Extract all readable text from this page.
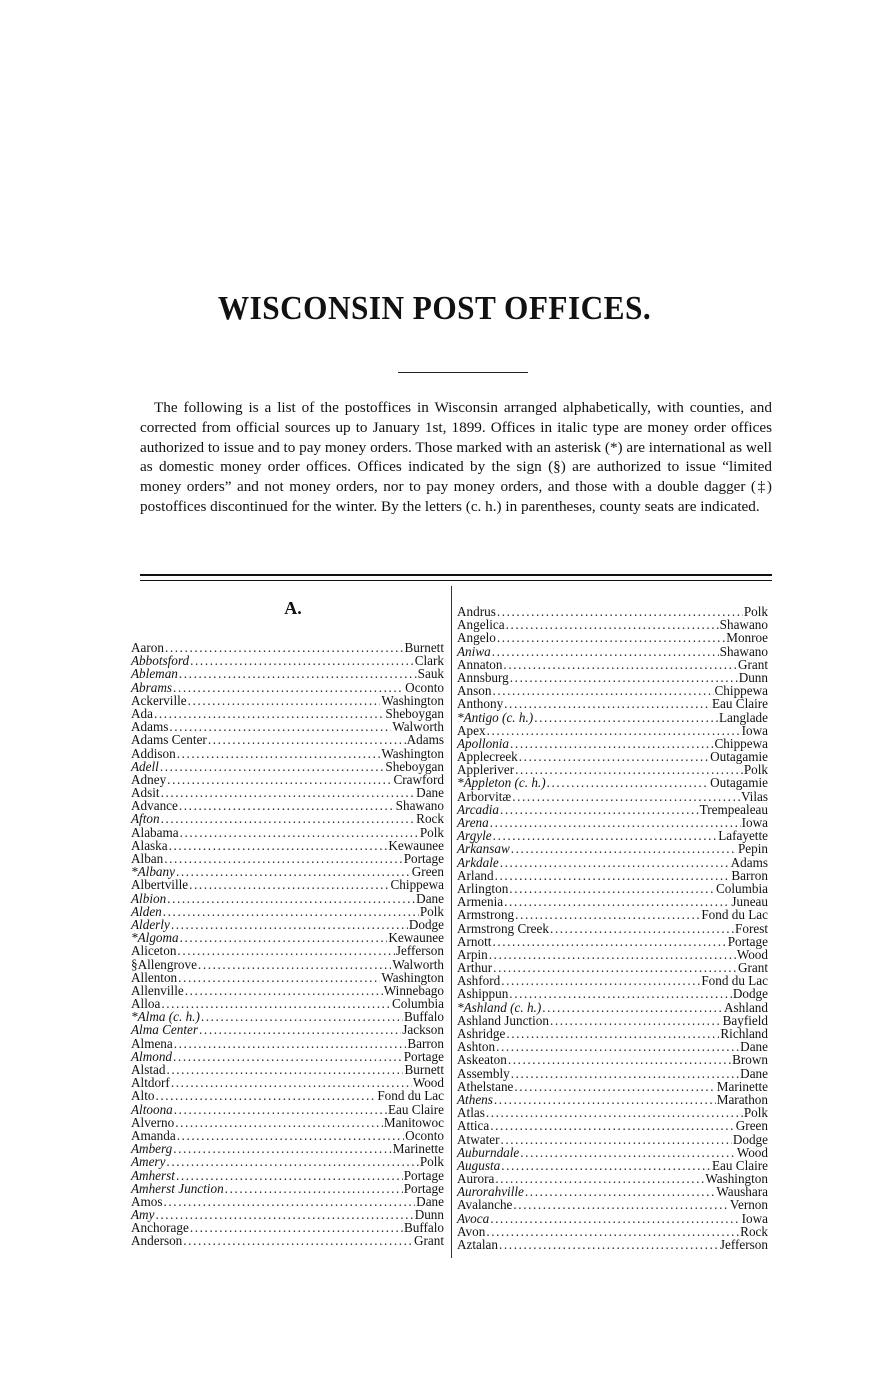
WISCONSIN POST OFFICES.

The following is a list of the postoffices in Wisconsin arranged alphabetically, with counties, and corrected from official sources up to January 1st, 1899. Offices in italic type are money order offices authorized to issue and to pay money orders. Those marked with an asterisk (*) are international as well as domestic money order offices. Offices indicated by the sign (§) are authorized to issue “limited money orders” and not money orders, nor to pay money orders, and those with a double dagger (‡) postoffices discontinued for the winter. By the letters (c. h.) in parentheses, county seats are indicated.

A.
Aaron .....	Burnett
Abbotsford .....	Clark
Ableman .....	Sauk
Abrams .....	Oconto
Ackerville .....	Washington
Ada .....	Sheboygan
Adams .....	Walworth
Adams Center .....	Adams
Addison .....	Washington
Adell .....	Sheboygan
Adney .....	Crawford
Adsit .....	Dane
Advance .....	Shawano
Afton .....	Rock
Alabama .....	Polk
Alaska .....	Kewaunee
Alban .....	Portage
*Albany .....	Green
Albertville .....	Chippewa
Albion .....	Dane
Alden .....	Polk
Alderly .....	Dodge
*Algoma .....	Kewaunee
Aliceton .....	Jefferson
§Allengrove .....	Walworth
Allenton .....	Washington
Allenville .....	Winnebago
Alloa .....	Columbia
*Alma (c. h.) .....	Buffalo
Alma Center .....	Jackson
Almena .....	Barron
Almond .....	Portage
Alstad .....	Burnett
Altdorf .....	Wood
Alto .....	Fond du Lac
Altoona .....	Eau Claire
Alverno .....	Manitowoc
Amanda .....	Oconto
Amberg .....	Marinette
Amery .....	Polk
Amherst .....	Portage
Amherst Junction .....	Portage
Amos .....	Dane
Amy .....	Dunn
Anchorage .....	Buffalo
Anderson .....	Grant
Andrus .....	Polk
Angelica .....	Shawano
Angelo .....	Monroe
Aniwa .....	Shawano
Annaton .....	Grant
Annsburg .....	Dunn
Anson .....	Chippewa
Anthony .....	Eau Claire
*Antigo (c. h.) .....	Langlade
Apex .....	Iowa
Apollonia .....	Chippewa
Applecreek .....	Outagamie
Appleriver .....	Polk
*Appleton (c. h.) .....	Outagamie
Arborvitæ .....	Vilas
Arcadia .....	Trempealeau
Arena .....	Iowa
Argyle .....	Lafayette
Arkansaw .....	Pepin
Arkdale .....	Adams
Arland .....	Barron
Arlington .....	Columbia
Armenia .....	Juneau
Armstrong .....	Fond du Lac
Armstrong Creek .....	Forest
Arnott .....	Portage
Arpin .....	Wood
Arthur .....	Grant
Ashford .....	Fond du Lac
Ashippun .....	Dodge
*Ashland (c. h.) .....	Ashland
Ashland Junction .....	Bayfield
Ashridge .....	Richland
Ashton .....	Dane
Askeaton .....	Brown
Assembly .....	Dane
Athelstane .....	Marinette
Athens .....	Marathon
Atlas .....	Polk
Attica .....	Green
Atwater .....	Dodge
Auburndale .....	Wood
Augusta .....	Eau Claire
Aurora .....	Washington
Aurorahville .....	Waushara
Avalanche .....	Vernon
Avoca .....	Iowa
Avon .....	Rock
Aztalan .....	Jefferson
